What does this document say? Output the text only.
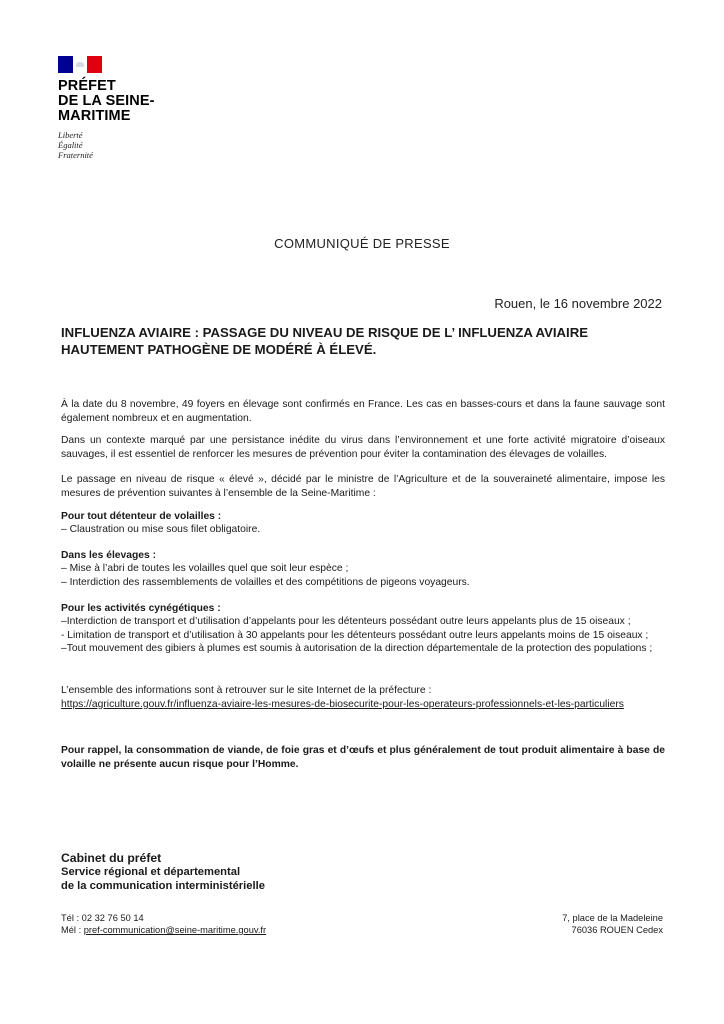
PRÉFET
DE LA SEINE-
MARITIME
Liberté
Égalité
Fraternité
COMMUNIQUÉ DE PRESSE
Rouen, le 16 novembre 2022
INFLUENZA AVIAIRE : PASSAGE DU NIVEAU DE RISQUE DE L’ INFLUENZA AVIAIRE HAUTEMENT PATHOGÈNE DE MODÉRÉ À ÉLEVÉ.

À la date du 8 novembre, 49 foyers en élevage sont confirmés en France. Les cas en basses-cours et dans la faune sauvage sont également nombreux et en augmentation.

Dans un contexte marqué par une persistance inédite du virus dans l’environnement et une forte activité migratoire d’oiseaux sauvages, il est essentiel de renforcer les mesures de prévention pour éviter la contamination des élevages de volailles.

Le passage en niveau de risque « élevé », décidé par le ministre de l’Agriculture et de la souveraineté alimentaire, impose les mesures de prévention suivantes à l’ensemble de la Seine-Maritime :

Pour tout détenteur de volailles :

– Claustration ou mise sous filet obligatoire.

Dans les élevages :

– Mise à l’abri de toutes les volailles quel que soit leur espèce ;

– Interdiction des rassemblements de volailles et des compétitions de pigeons voyageurs.

Pour les activités cynégétiques :

–Interdiction de transport et d’utilisation d’appelants pour les détenteurs possédant outre leurs appelants plus de 15 oiseaux ;

- Limitation de transport et d’utilisation à 30 appelants pour les détenteurs possédant outre leurs appelants moins de 15 oiseaux ;

–Tout mouvement des gibiers à plumes est soumis à autorisation de la direction départementale de la protection des populations ;

L’ensemble des informations sont à retrouver sur le site Internet de la préfecture :

https://agriculture.gouv.fr/influenza-aviaire-les-mesures-de-biosecurite-pour-les-operateurs-professionnels-et-les-particuliers

Pour rappel, la consommation de viande, de foie gras et d’œufs et plus généralement de tout produit alimentaire à base de volaille ne présente aucun risque pour l’Homme.

Cabinet du préfet
Service régional et départemental
de la communication interministérielle
Tél : 02 32 76 50 14
Mél : pref-communication@seine-maritime.gouv.fr
7, place de la Madeleine
76036 ROUEN Cedex
